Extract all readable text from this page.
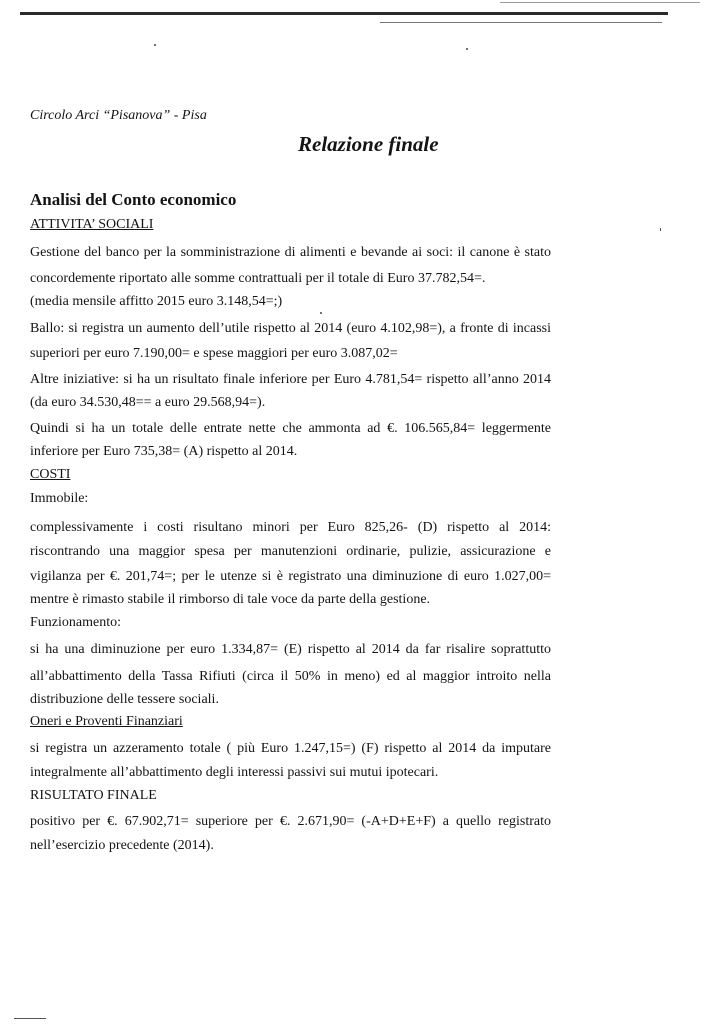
Circolo Arci “Pisanova” - Pisa
Relazione finale
Analisi del Conto economico
ATTIVITA’ SOCIALI
Gestione del banco per la somministrazione di alimenti e bevande ai soci: il canone è stato
concordemente riportato alle somme contrattuali per il totale di Euro 37.782,54=.
(media mensile affitto 2015 euro 3.148,54=;)
Ballo: si registra un aumento dell’utile rispetto al 2014 (euro 4.102,98=), a fronte di incassi
superiori per euro 7.190,00= e spese maggiori per euro 3.087,02=
Altre iniziative: si ha un risultato finale inferiore per Euro 4.781,54= rispetto all’anno 2014
(da euro 34.530,48== a euro 29.568,94=).
Quindi si ha un totale delle entrate nette che ammonta ad €. 106.565,84= leggermente
inferiore per Euro 735,38= (A) rispetto al 2014.
COSTI
Immobile:
complessivamente i costi risultano minori per Euro 825,26- (D) rispetto al 2014:
riscontrando una maggior spesa per manutenzioni ordinarie, pulizie, assicurazione e
vigilanza per €. 201,74=; per le utenze si è registrato una diminuzione di euro 1.027,00=
mentre è rimasto stabile il rimborso di tale voce da parte della gestione.
Funzionamento:
si ha una diminuzione per euro 1.334,87= (E) rispetto al 2014 da far risalire soprattutto
all’abbattimento della Tassa Rifiuti (circa il 50% in meno) ed al maggior introito nella
distribuzione delle tessere sociali.
Oneri e Proventi Finanziari
si registra un azzeramento totale ( più Euro 1.247,15=) (F) rispetto al 2014 da imputare
integralmente all’abbattimento degli interessi passivi sui mutui ipotecari.
RISULTATO FINALE
positivo per €. 67.902,71= superiore per €. 2.671,90= (-A+D+E+F) a quello registrato
nell’esercizio precedente (2014).
